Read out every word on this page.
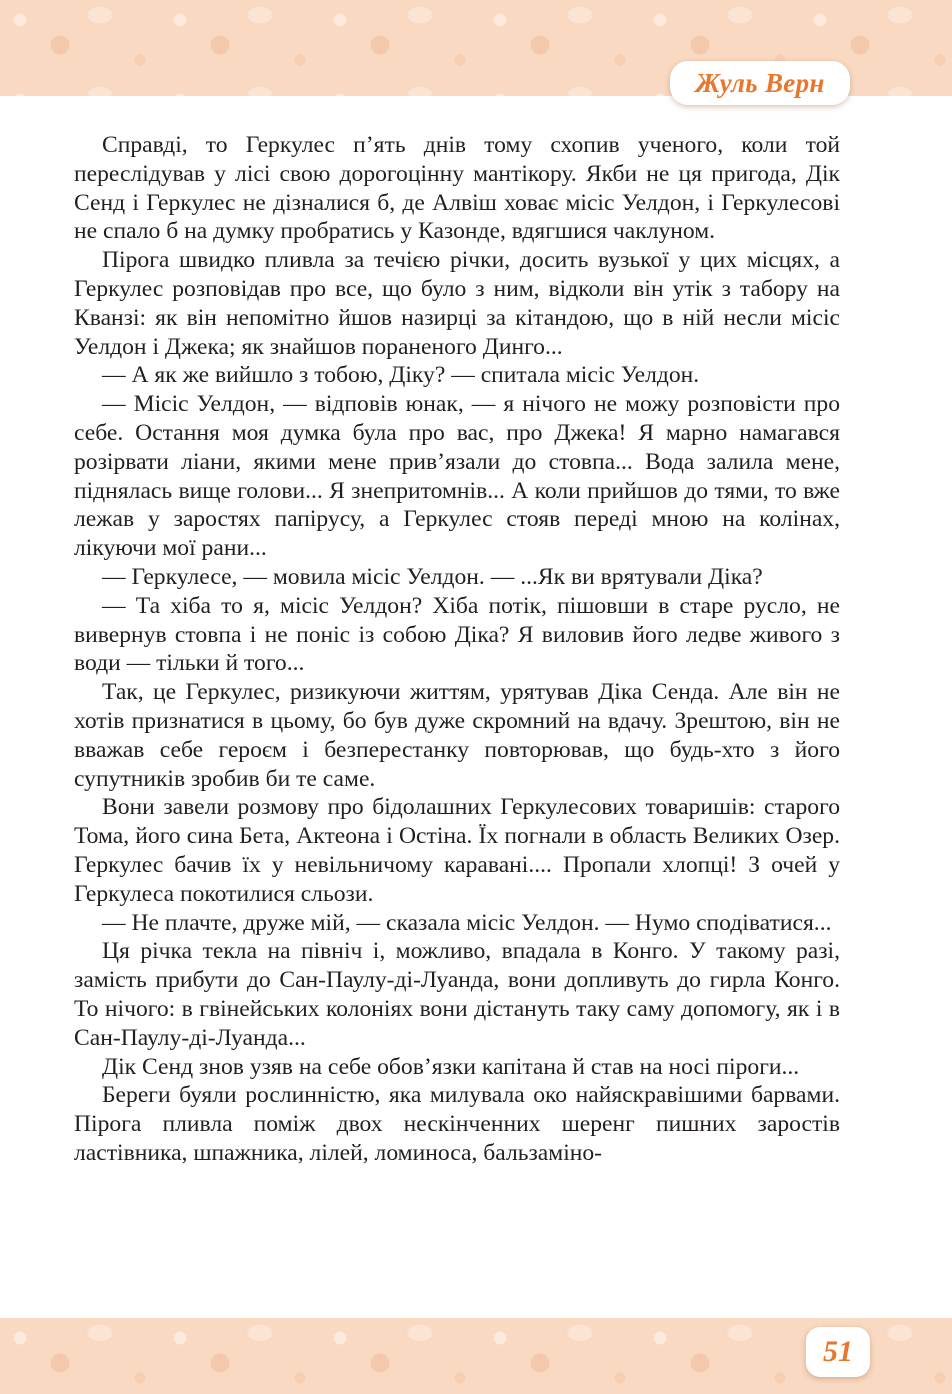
Жуль Верн

Справді, то Геркулес п’ять днів тому схопив ученого, коли той переслідував у лісі свою дорогоцінну мантікору. Якби не ця пригода, Дік Сенд і Геркулес не дізналися б, де Алвіш ховає місіс Уелдон, і Геркулесові не спало б на думку пробратись у Казонде, вдягшися чаклуном.

Пірога швидко пливла за течією річки, досить вузької у цих місцях, а Геркулес розповідав про все, що було з ним, відколи він утік з табору на Кванзі: як він непомітно йшов назирці за кітандою, що в ній несли місіс Уелдон і Джека; як знайшов пораненого Динго...

— А як же вийшло з тобою, Діку? — спитала місіс Уелдон.

— Місіс Уелдон, — відповів юнак, — я нічого не можу розповісти про себе. Остання моя думка була про вас, про Джека! Я марно намагався розірвати ліани, якими мене прив’язали до стовпа... Вода залила мене, піднялась вище голови... Я знепритомнів... А коли прийшов до тями, то вже лежав у заростях папірусу, а Геркулес стояв переді мною на колінах, лікуючи мої рани...

— Геркулесе, — мовила місіс Уелдон. — ...Як ви врятували Діка?

— Та хіба то я, місіс Уелдон? Хіба потік, пішовши в старе русло, не вивернув стовпа і не поніс із собою Діка? Я виловив його ледве живого з води — тільки й того...

Так, це Геркулес, ризикуючи життям, урятував Діка Сенда. Але він не хотів признатися в цьому, бо був дуже скромний на вдачу. Зрештою, він не вважав себе героєм і безперестанку повторював, що будь-хто з його супутників зробив би те саме.

Вони завели розмову про бідолашних Геркулесових товаришів: старого Тома, його сина Бета, Актеона і Остіна. Їх погнали в область Великих Озер. Геркулес бачив їх у невільничому каравані.... Пропали хлопці! З очей у Геркулеса покотилися сльози.

— Не плачте, друже мій, — сказала місіс Уелдон. — Нумо сподіватися...

Ця річка текла на північ і, можливо, впадала в Конго. У такому разі, замість прибути до Сан-Паулу-ді-Луанда, вони допливуть до гирла Конго. То нічого: в гвінейських колоніях вони дістануть таку саму допомогу, як і в Сан-Паулу-ді-Луанда...

Дік Сенд знов узяв на себе обов’язки капітана й став на носі піроги...

Береги буяли рослинністю, яка милувала око найяскравішими барвами. Пірога пливла поміж двох нескінченних шеренг пишних заростів ластівника, шпажника, лілей, ломиноса, бальзаміно-

51
